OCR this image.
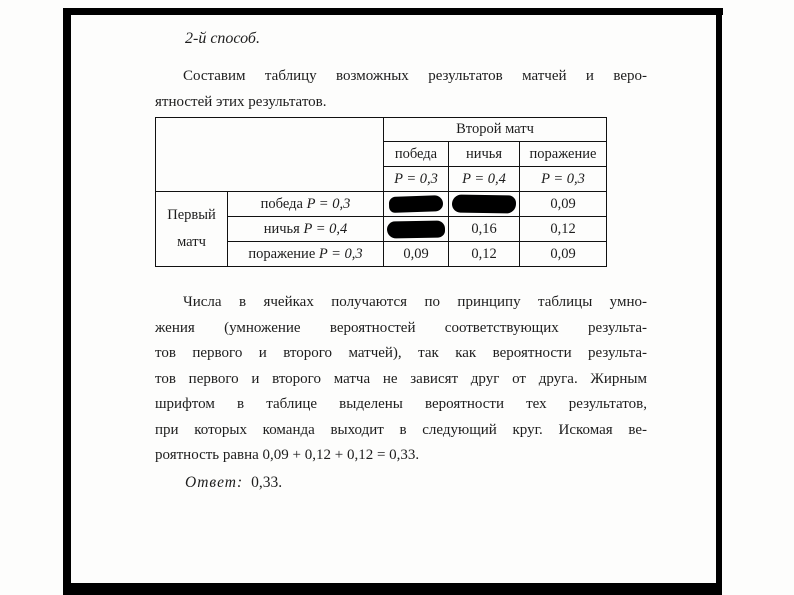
2-й способ.
Составим таблицу возможных результатов матчей и веро-
ятностей этих результатов.
		Второй матч		
		победа	ничья	поражение
		P = 0,3	P = 0,4	P = 0,3
Первый
матч	победа P = 0,3			0,09
	ничья P = 0,4		0,16	0,12
	поражение P = 0,3	0,09	0,12	0,09
Числа в ячейках получаются по принципу таблицы умно-
жения (умножение вероятностей соответствующих результа-
тов первого и второго матчей), так как вероятности результа-
тов первого и второго матча не зависят друг от друга. Жирным
шрифтом в таблице выделены вероятности тех результатов,
при которых команда выходит в следующий круг. Искомая ве-
роятность равна 0,09 + 0,12 + 0,12 = 0,33.
Ответ: 0,33.
